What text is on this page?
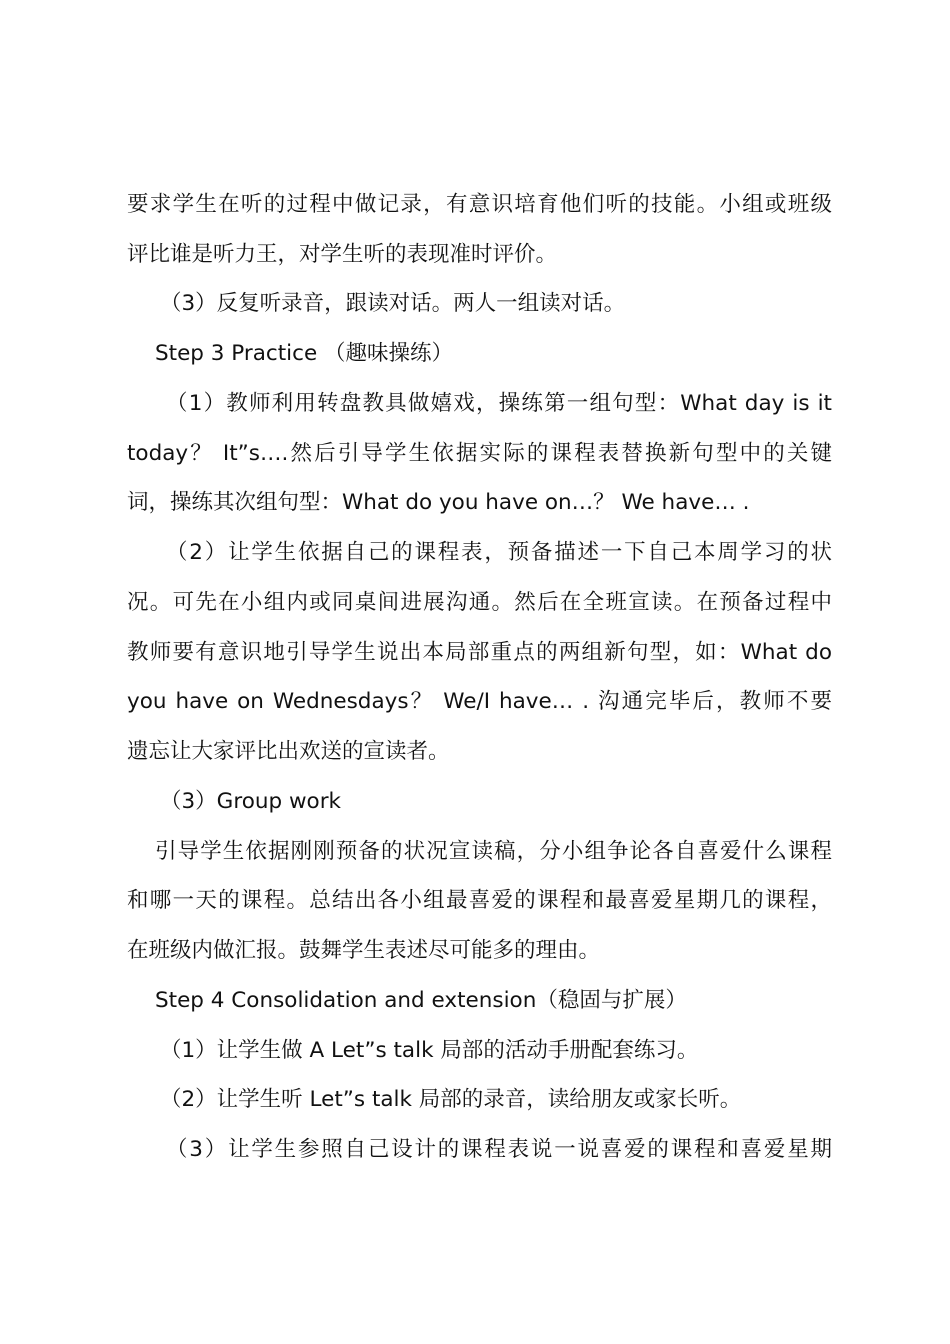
要求学生在听的过程中做记录，有意识培育他们听的技能。小组或班级
评比谁是听力王，对学生听的表现准时评价。
（3）反复听录音，跟读对话。两人一组读对话。
Step 3 Practice （趣味操练）
（1）教师利用转盘教具做嬉戏，操练第一组句型：What day is it
today？ It”s….然后引导学生依据实际的课程表替换新句型中的关键
词，操练其次组句型：What do you have on…？ We have… .
（2）让学生依据自己的课程表，预备描述一下自己本周学习的状
况。可先在小组内或同桌间进展沟通。然后在全班宣读。在预备过程中
教师要有意识地引导学生说出本局部重点的两组新句型，如：What do
you have on Wednesdays？ We/I have… . 沟通完毕后，教师不要
遗忘让大家评比出欢送的宣读者。
（3）Group work
引导学生依据刚刚预备的状况宣读稿，分小组争论各自喜爱什么课程
和哪一天的课程。总结出各小组最喜爱的课程和最喜爱星期几的课程，
在班级内做汇报。鼓舞学生表述尽可能多的理由。
Step 4 Consolidation and extension（稳固与扩展）
（1）让学生做 A Let”s talk 局部的活动手册配套练习。
（2）让学生听 Let”s talk 局部的录音，读给朋友或家长听。
（3）让学生参照自己设计的课程表说一说喜爱的课程和喜爱星期
